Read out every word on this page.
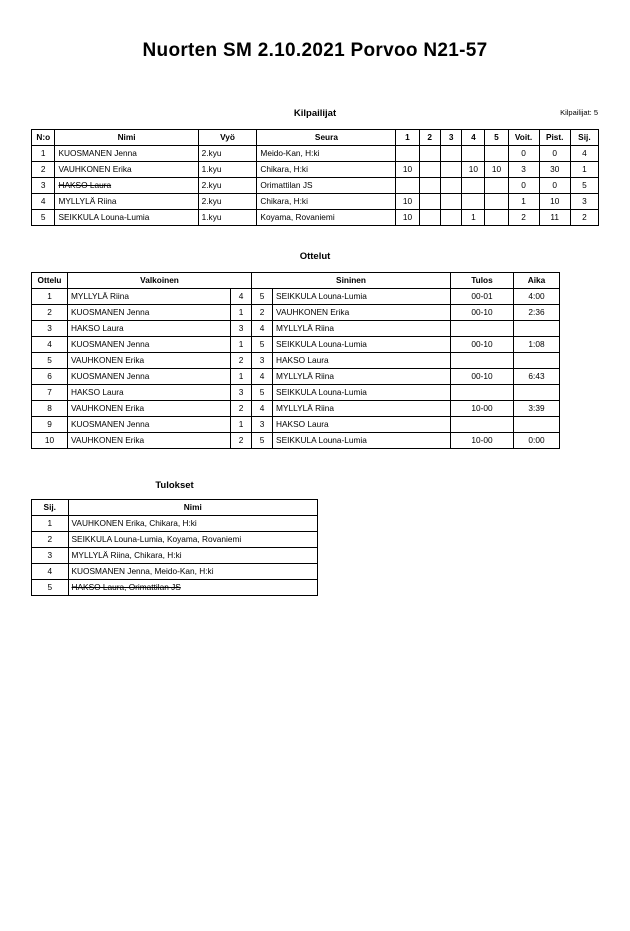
Nuorten SM 2.10.2021 Porvoo N21-57
Kilpailijat	Kilpailijat: 5
N:o	Nimi	Vyö	Seura	1	2	3	4	5	Voit.	Pist.	Sij.
1	KUOSMANEN Jenna	2.kyu	Meido-Kan, H:ki						0	0	4
2	VAUHKONEN Erika	1.kyu	Chikara, H:ki	10			10	10	3	30	1
3	HAKSO Laura	2.kyu	Orimattilan JS						0	0	5
4	MYLLYLÄ Riina	2.kyu	Chikara, H:ki	10					1	10	3
5	SEIKKULA Louna-Lumia	1.kyu	Koyama, Rovaniemi	10			1		2	11	2
Ottelut
Ottelu	Valkoinen		Sininen		Tulos	Aika
1	MYLLYLÄ Riina	4	5	SEIKKULA Louna-Lumia	00-01	4:00
2	KUOSMANEN Jenna	1	2	VAUHKONEN Erika	00-10	2:36
3	HAKSO Laura	3	4	MYLLYLÄ Riina		
4	KUOSMANEN Jenna	1	5	SEIKKULA Louna-Lumia	00-10	1:08
5	VAUHKONEN Erika	2	3	HAKSO Laura		
6	KUOSMANEN Jenna	1	4	MYLLYLÄ Riina	00-10	6:43
7	HAKSO Laura	3	5	SEIKKULA Louna-Lumia		
8	VAUHKONEN Erika	2	4	MYLLYLÄ Riina	10-00	3:39
9	KUOSMANEN Jenna	1	3	HAKSO Laura		
10	VAUHKONEN Erika	2	5	SEIKKULA Louna-Lumia	10-00	0:00
Tulokset
Sij.	Nimi
1	VAUHKONEN Erika, Chikara, H:ki
2	SEIKKULA Louna-Lumia, Koyama, Rovaniemi
3	MYLLYLÄ Riina, Chikara, H:ki
4	KUOSMANEN Jenna, Meido-Kan, H:ki
5	HAKSO Laura, Orimattilan JS
